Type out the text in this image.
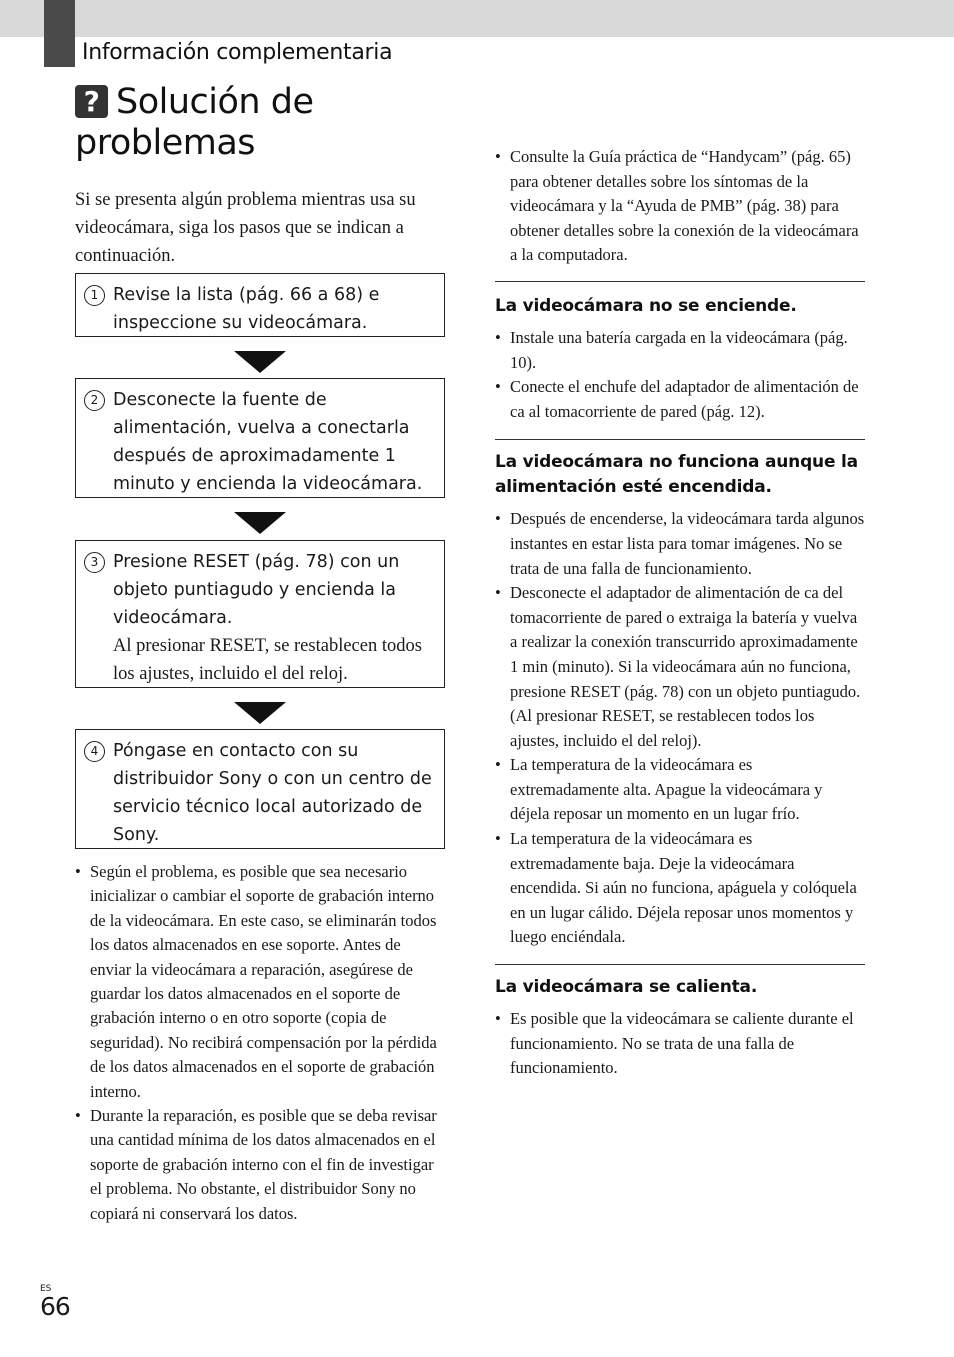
Información complementaria
? Solución de
problemas

Si se presenta algún problema mientras usa su videocámara, siga los pasos que se indican a continuación.

1 Revise la lista (pág. 66 a 68) e inspeccione su videocámara.
2 Desconecte la fuente de alimentación, vuelva a conectarla después de aproximadamente 1 minuto y encienda la videocámara.
3 Presione RESET (pág. 78) con un objeto puntiagudo y encienda la videocámara.
Al presionar RESET, se restablecen todos los ajustes, incluido el del reloj.
4 Póngase en contacto con su distribuidor Sony o con un centro de servicio técnico local autorizado de Sony.
• Según el problema, es posible que sea necesario inicializar o cambiar el soporte de grabación interno de la videocámara. En este caso, se eliminarán todos los datos almacenados en ese soporte. Antes de enviar la videocámara a reparación, asegúrese de guardar los datos almacenados en el soporte de grabación interno o en otro soporte (copia de seguridad). No recibirá compensación por la pérdida de los datos almacenados en el soporte de grabación interno.
• Durante la reparación, es posible que se deba revisar una cantidad mínima de los datos almacenados en el soporte de grabación interno con el fin de investigar el problema. No obstante, el distribuidor Sony no copiará ni conservará los datos.
• Consulte la Guía práctica de “Handycam” (pág. 65) para obtener detalles sobre los síntomas de la videocámara y la “Ayuda de PMB” (pág. 38) para obtener detalles sobre la conexión de la videocámara a la computadora.
La videocámara no se enciende.
• Instale una batería cargada en la videocámara (pág. 10).
• Conecte el enchufe del adaptador de alimentación de ca al tomacorriente de pared (pág. 12).
La videocámara no funciona aunque la alimentación esté encendida.
• Después de encenderse, la videocámara tarda algunos instantes en estar lista para tomar imágenes. No se trata de una falla de funcionamiento.
• Desconecte el adaptador de alimentación de ca del tomacorriente de pared o extraiga la batería y vuelva a realizar la conexión transcurrido aproximadamente 1 min (minuto). Si la videocámara aún no funciona, presione RESET (pág. 78) con un objeto puntiagudo. (Al presionar RESET, se restablecen todos los ajustes, incluido el del reloj).
• La temperatura de la videocámara es extremadamente alta. Apague la videocámara y déjela reposar un momento en un lugar frío.
• La temperatura de la videocámara es extremadamente baja. Deje la videocámara encendida. Si aún no funciona, apáguela y colóquela en un lugar cálido. Déjela reposar unos momentos y luego enciéndala.
La videocámara se calienta.
• Es posible que la videocámara se caliente durante el funcionamiento. No se trata de una falla de funcionamiento.
ES
66
